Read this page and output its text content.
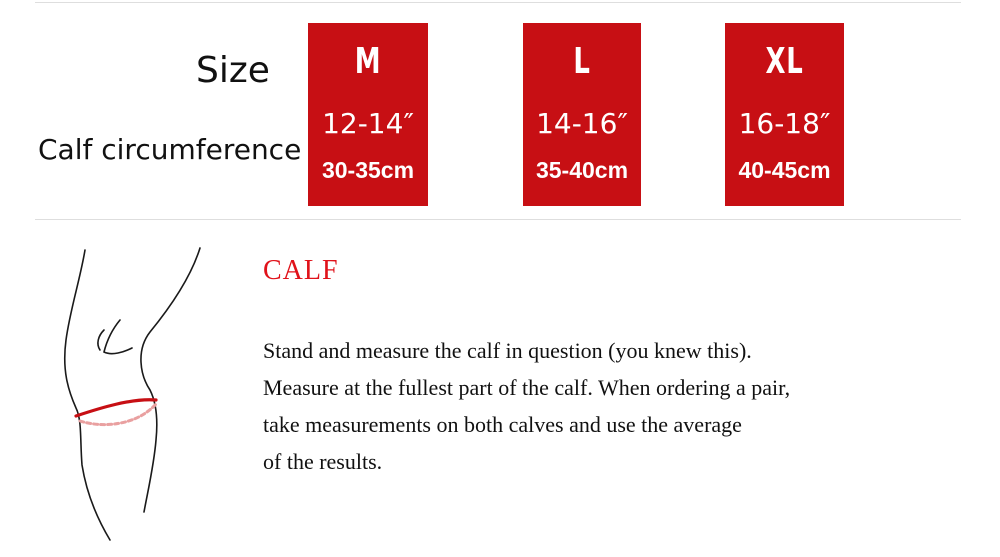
Size
Calf circumference
M
12-14″
30-35cm
L
14-16″
35-40cm
XL
16-18″
40-45cm
CALF
Stand and measure the calf in question (you knew this).
Measure at the fullest part of the calf. When ordering a pair,
take measurements on both calves and use the average
of the results.
